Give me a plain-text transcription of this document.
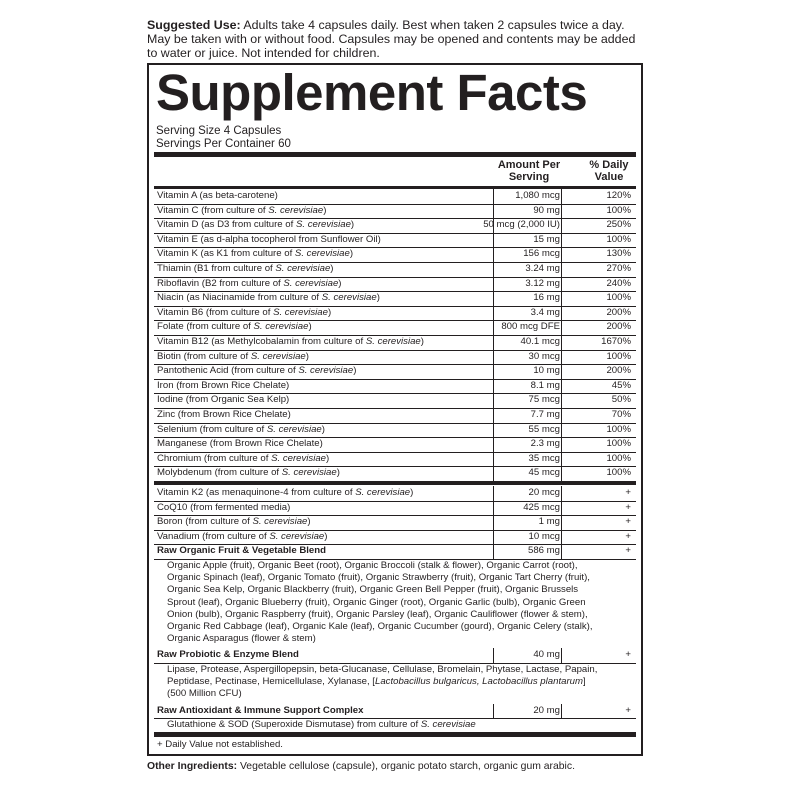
Suggested Use: Adults take 4 capsules daily. Best when taken 2 capsules twice a day. May be taken with or without food. Capsules may be opened and contents may be added to water or juice. Not intended for children.
Supplement Facts
Serving Size 4 Capsules
Servings Per Container 60
Amount Per Serving
% Daily Value
Vitamin A (as beta-carotene)	1,080 mcg	120%
Vitamin C (from culture of S. cerevisiae)	90 mg	100%
Vitamin D (as D3 from culture of S. cerevisiae)	50 mcg (2,000 IU)	250%
Vitamin E (as d-alpha tocopherol from Sunflower Oil)	15 mg	100%
Vitamin K (as K1 from culture of S. cerevisiae)	156 mcg	130%
Thiamin (B1 from culture of S. cerevisiae)	3.24 mg	270%
Riboflavin (B2 from culture of S. cerevisiae)	3.12 mg	240%
Niacin (as Niacinamide from culture of S. cerevisiae)	16 mg	100%
Vitamin B6 (from culture of S. cerevisiae)	3.4 mg	200%
Folate (from culture of S. cerevisiae)	800 mcg DFE	200%
Vitamin B12 (as Methylcobalamin from culture of S. cerevisiae)	40.1 mcg	1670%
Biotin (from culture of S. cerevisiae)	30 mcg	100%
Pantothenic Acid (from culture of S. cerevisiae)	10 mg	200%
Iron (from Brown Rice Chelate)	8.1 mg	45%
Iodine (from Organic Sea Kelp)	75 mcg	50%
Zinc (from Brown Rice Chelate)	7.7 mg	70%
Selenium (from culture of S. cerevisiae)	55 mcg	100%
Manganese (from Brown Rice Chelate)	2.3 mg	100%
Chromium (from culture of S. cerevisiae)	35 mcg	100%
Molybdenum (from culture of S. cerevisiae)	45 mcg	100%
Vitamin K2 (as menaquinone-4 from culture of S. cerevisiae)	20 mcg	+
CoQ10 (from fermented media)	425 mcg	+
Boron (from culture of S. cerevisiae)	1 mg	+
Vanadium (from culture of S. cerevisiae)	10 mcg	+
Raw Organic Fruit & Vegetable Blend	586 mg	+
Organic Apple (fruit), Organic Beet (root), Organic Broccoli (stalk & flower), Organic Carrot (root),
Organic Spinach (leaf), Organic Tomato (fruit), Organic Strawberry (fruit), Organic Tart Cherry (fruit),
Organic Sea Kelp, Organic Blackberry (fruit), Organic Green Bell Pepper (fruit), Organic Brussels
Sprout (leaf), Organic Blueberry (fruit), Organic Ginger (root), Organic Garlic (bulb), Organic Green
Onion (bulb), Organic Raspberry (fruit), Organic Parsley (leaf), Organic Cauliflower (flower & stem),
Organic Red Cabbage (leaf), Organic Kale (leaf), Organic Cucumber (gourd), Organic Celery (stalk),
Organic Asparagus (flower & stem)
Raw Probiotic & Enzyme Blend	40 mg	+
Lipase, Protease, Aspergillopepsin, beta-Glucanase, Cellulase, Bromelain, Phytase, Lactase, Papain,
Peptidase, Pectinase, Hemicellulase, Xylanase, [Lactobacillus bulgaricus, Lactobacillus plantarum]
(500 Million CFU)
Raw Antioxidant & Immune Support Complex	20 mg	+
Glutathione & SOD (Superoxide Dismutase) from culture of S. cerevisiae
+ Daily Value not established.
Other Ingredients: Vegetable cellulose (capsule), organic potato starch, organic gum arabic.
